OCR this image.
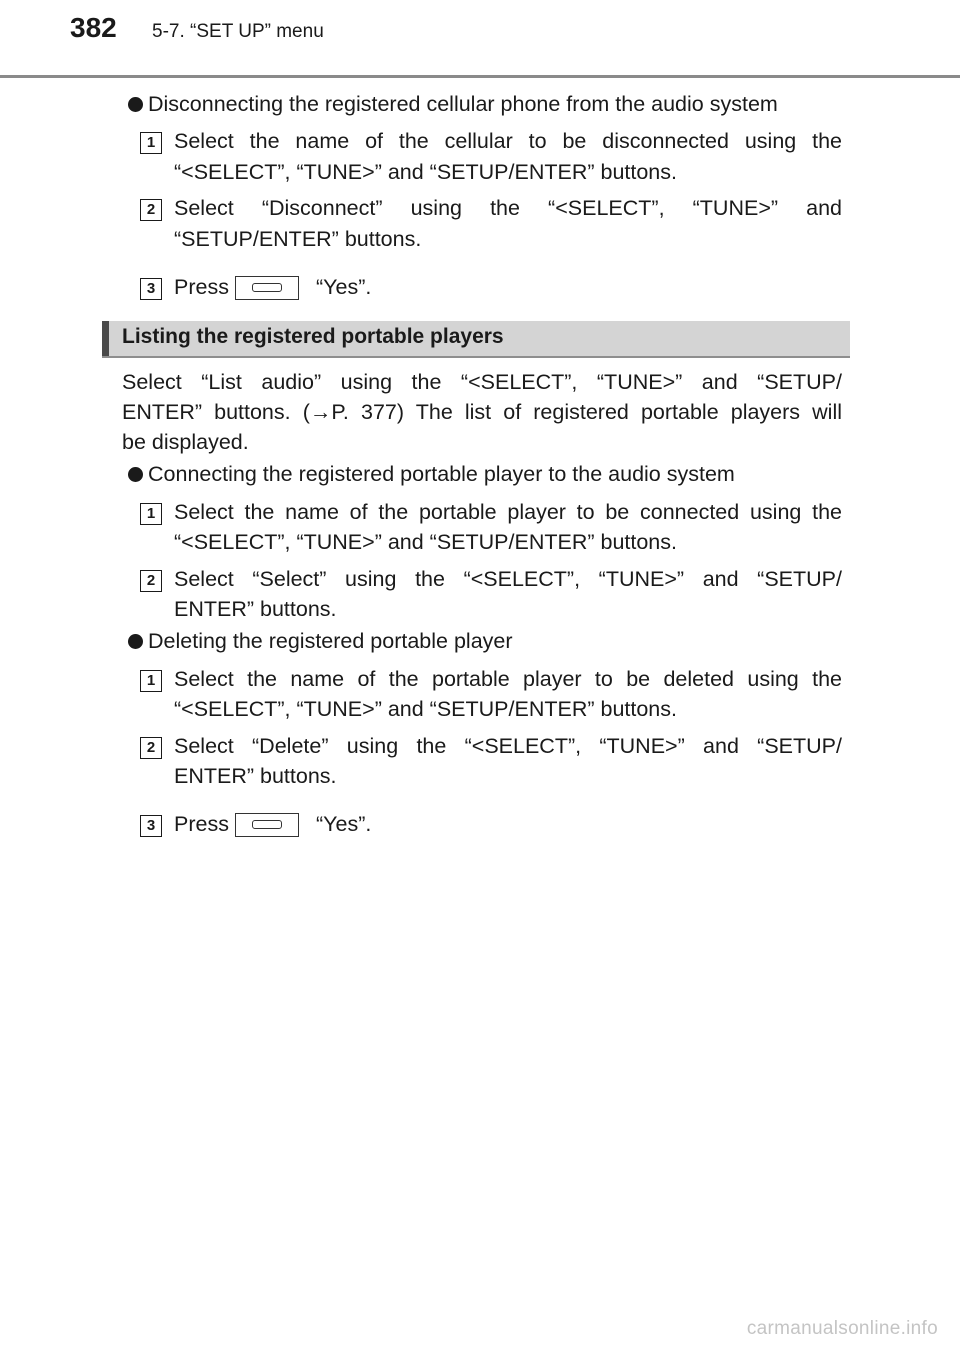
382 5-7. “SET UP” menu
Disconnecting the registered cellular phone from the audio system
1 Select the name of the cellular to be disconnected using the
“<SELECT”, “TUNE>” and “SETUP/ENTER” buttons.
2 Select “Disconnect” using the “<SELECT”, “TUNE>” and
“SETUP/ENTER” buttons.
3 Press	“Yes”.
Listing the registered portable players
Select “List audio” using the “<SELECT”, “TUNE>” and “SETUP/
ENTER” buttons. (→P. 377) The list of registered portable players will
be displayed.
Connecting the registered portable player to the audio system
1 Select the name of the portable player to be connected using the
“<SELECT”, “TUNE>” and “SETUP/ENTER” buttons.
2 Select “Select” using the “<SELECT”, “TUNE>” and “SETUP/
ENTER” buttons.
Deleting the registered portable player
1 Select the name of the portable player to be deleted using the
“<SELECT”, “TUNE>” and “SETUP/ENTER” buttons.
2 Select “Delete” using the “<SELECT”, “TUNE>” and “SETUP/
ENTER” buttons.
3 Press	“Yes”.
carmanualsonline.info
